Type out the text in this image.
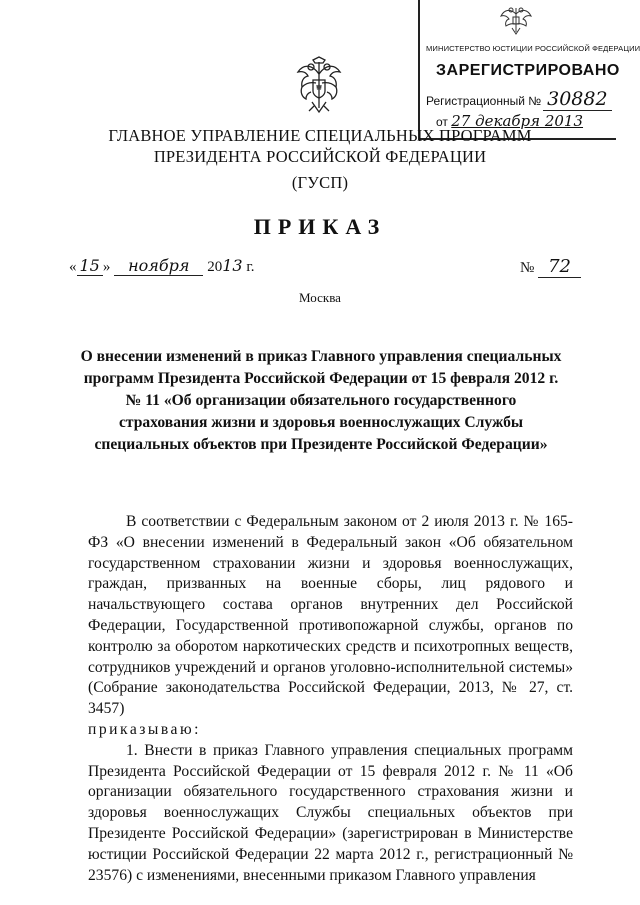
МИНИСТЕРСТВО ЮСТИЦИИ РОССИЙСКОЙ ФЕДЕРАЦИИ
ЗАРЕГИСТРИРОВАНО
Регистрационный № 30882
от 27 декабря 2013
ГЛАВНОЕ УПРАВЛЕНИЕ СПЕЦИАЛЬНЫХ ПРОГРАММ
ПРЕЗИДЕНТА РОССИЙСКОЙ ФЕДЕРАЦИИ
(ГУСП)
ПРИКАЗ
« 15 » ноября 2013 г.	№ 72
Москва
О внесении изменений в приказ Главного управления специальных программ Президента Российской Федерации от 15 февраля 2012 г. № 11 «Об организации обязательного государственного страхования жизни и здоровья военнослужащих Службы специальных объектов при Президенте Российской Федерации»

В соответствии с Федеральным законом от 2 июля 2013 г. № 165-ФЗ «О внесении изменений в Федеральный закон «Об обязательном государственном страховании жизни и здоровья военнослужащих, граждан, призванных на военные сборы, лиц рядового и начальствующего состава органов внутренних дел Российской Федерации, Государственной противопожарной службы, органов по контролю за оборотом наркотических средств и психотропных веществ, сотрудников учреждений и органов уголовно-исполнительной системы» (Собрание законодательства Российской Федерации, 2013, № 27, ст. 3457)

приказываю:

1. Внести в приказ Главного управления специальных программ Президента Российской Федерации от 15 февраля 2012 г. № 11 «Об организации обязательного государственного страхования жизни и здоровья военнослужащих Службы специальных объектов при Президенте Российской Федерации» (зарегистрирован в Министерстве юстиции Российской Федерации 22 марта 2012 г., регистрационный № 23576) с изменениями, внесенными приказом Главного управления
